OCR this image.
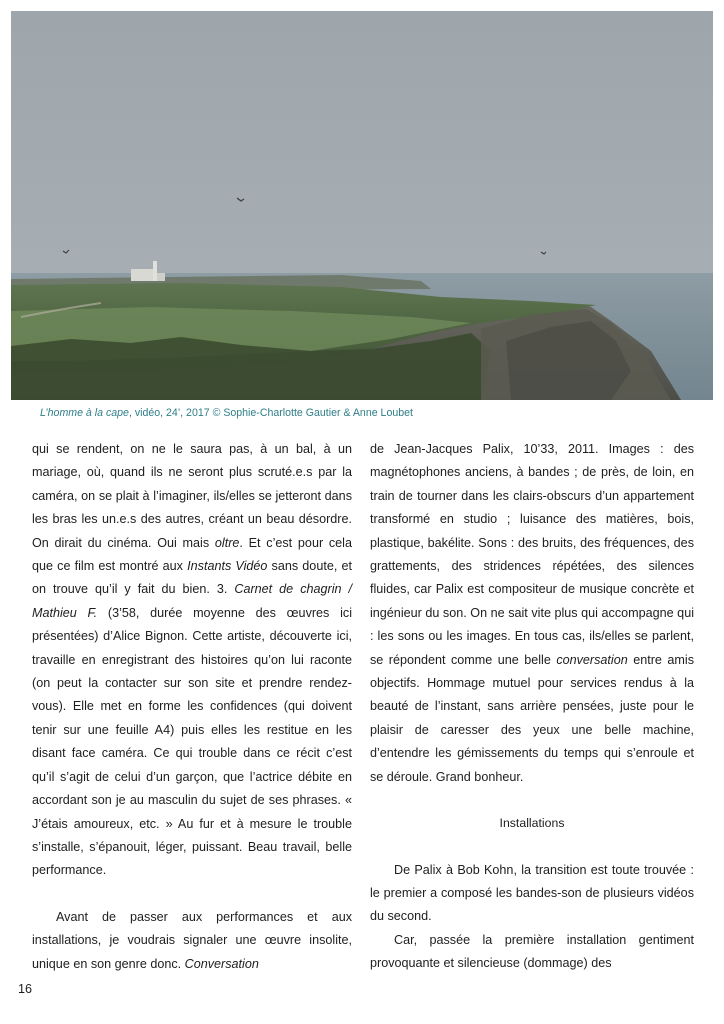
L’homme à la cape, vidéo, 24’, 2017 © Sophie-Charlotte Gautier & Anne Loubet

qui se rendent, on ne le saura pas, à un bal, à un mariage, où, quand ils ne seront plus scruté.e.s par la caméra, on se plait à l’imaginer, ils/elles se jetteront dans les bras les un.e.s des autres, créant un beau désordre. On dirait du cinéma. Oui mais oltre. Et c’est pour cela que ce film est montré aux Instants Vidéo sans doute, et on trouve qu’il y fait du bien. 3. Carnet de chagrin / Mathieu F. (3’58, durée moyenne des œuvres ici présentées) d’Alice Bignon. Cette artiste, découverte ici, travaille en enregistrant des histoires qu’on lui raconte (on peut la contacter sur son site et prendre rendez-vous). Elle met en forme les confidences (qui doivent tenir sur une feuille A4) puis elles les restitue en les disant face caméra. Ce qui trouble dans ce récit c’est qu’il s’agit de celui d’un garçon, que l’actrice débite en accordant son je au masculin du sujet de ses phrases. « J’étais amoureux, etc. » Au fur et à mesure le trouble s’installe, s’épanouit, léger, puissant. Beau travail, belle performance.

Avant de passer aux performances et aux installations, je voudrais signaler une œuvre insolite, unique en son genre donc. Conversation

de Jean-Jacques Palix, 10’33, 2011. Images : des magnétophones anciens, à bandes ; de près, de loin, en train de tourner dans les clairs-obscurs d’un appartement transformé en studio ; luisance des matières, bois, plastique, bakélite. Sons : des bruits, des fréquences, des grattements, des stridences répétées, des silences fluides, car Palix est compositeur de musique concrète et ingénieur du son. On ne sait vite plus qui accompagne qui : les sons ou les images. En tous cas, ils/elles se parlent, se répondent comme une belle conversation entre amis objectifs. Hommage mutuel pour services rendus à la beauté de l’instant, sans arrière pensées, juste pour le plaisir de caresser des yeux une belle machine, d’entendre les gémissements du temps qui s’enroule et se déroule. Grand bonheur.

Installations

De Palix à Bob Kohn, la transition est toute trouvée : le premier a composé les bandes-son de plusieurs vidéos du second.

Car, passée la première installation gentiment provoquante et silencieuse (dommage) des

16
